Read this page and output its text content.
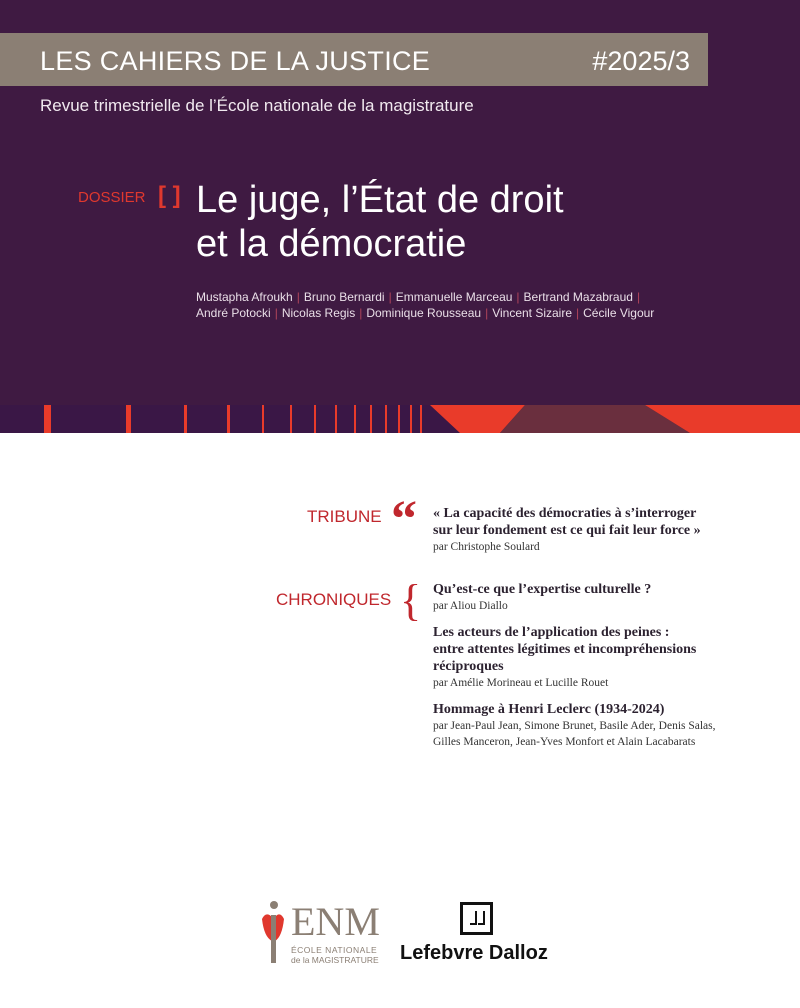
LES CAHIERS DE LA JUSTICE	#2025/3
Revue trimestrielle de l’École nationale de la magistrature
DOSSIER [ ] Le juge, l’État de droit
et la démocratie
Mustapha Afroukh | Bruno Bernardi | Emmanuelle Marceau | Bertrand Mazabraud |
André Potocki | Nicolas Regis | Dominique Rousseau | Vincent Sizaire | Cécile Vigour
TRIBUNE “ « La capacité des démocraties à s’interroger
sur leur fondement est ce qui fait leur force »
par Christophe Soulard
CHRONIQUES { Qu’est-ce que l’expertise culturelle ?
par Aliou Diallo
Les acteurs de l’application des peines :
entre attentes légitimes et incompréhensions
réciproques
par Amélie Morineau et Lucille Rouet
Hommage à Henri Leclerc (1934-2024)
par Jean-Paul Jean, Simone Brunet, Basile Ader, Denis Salas,
Gilles Manceron, Jean-Yves Monfort et Alain Lacabarats
ENM
ÉCOLE NATIONALE
de la MAGISTRATURE Lefebvre Dalloz
